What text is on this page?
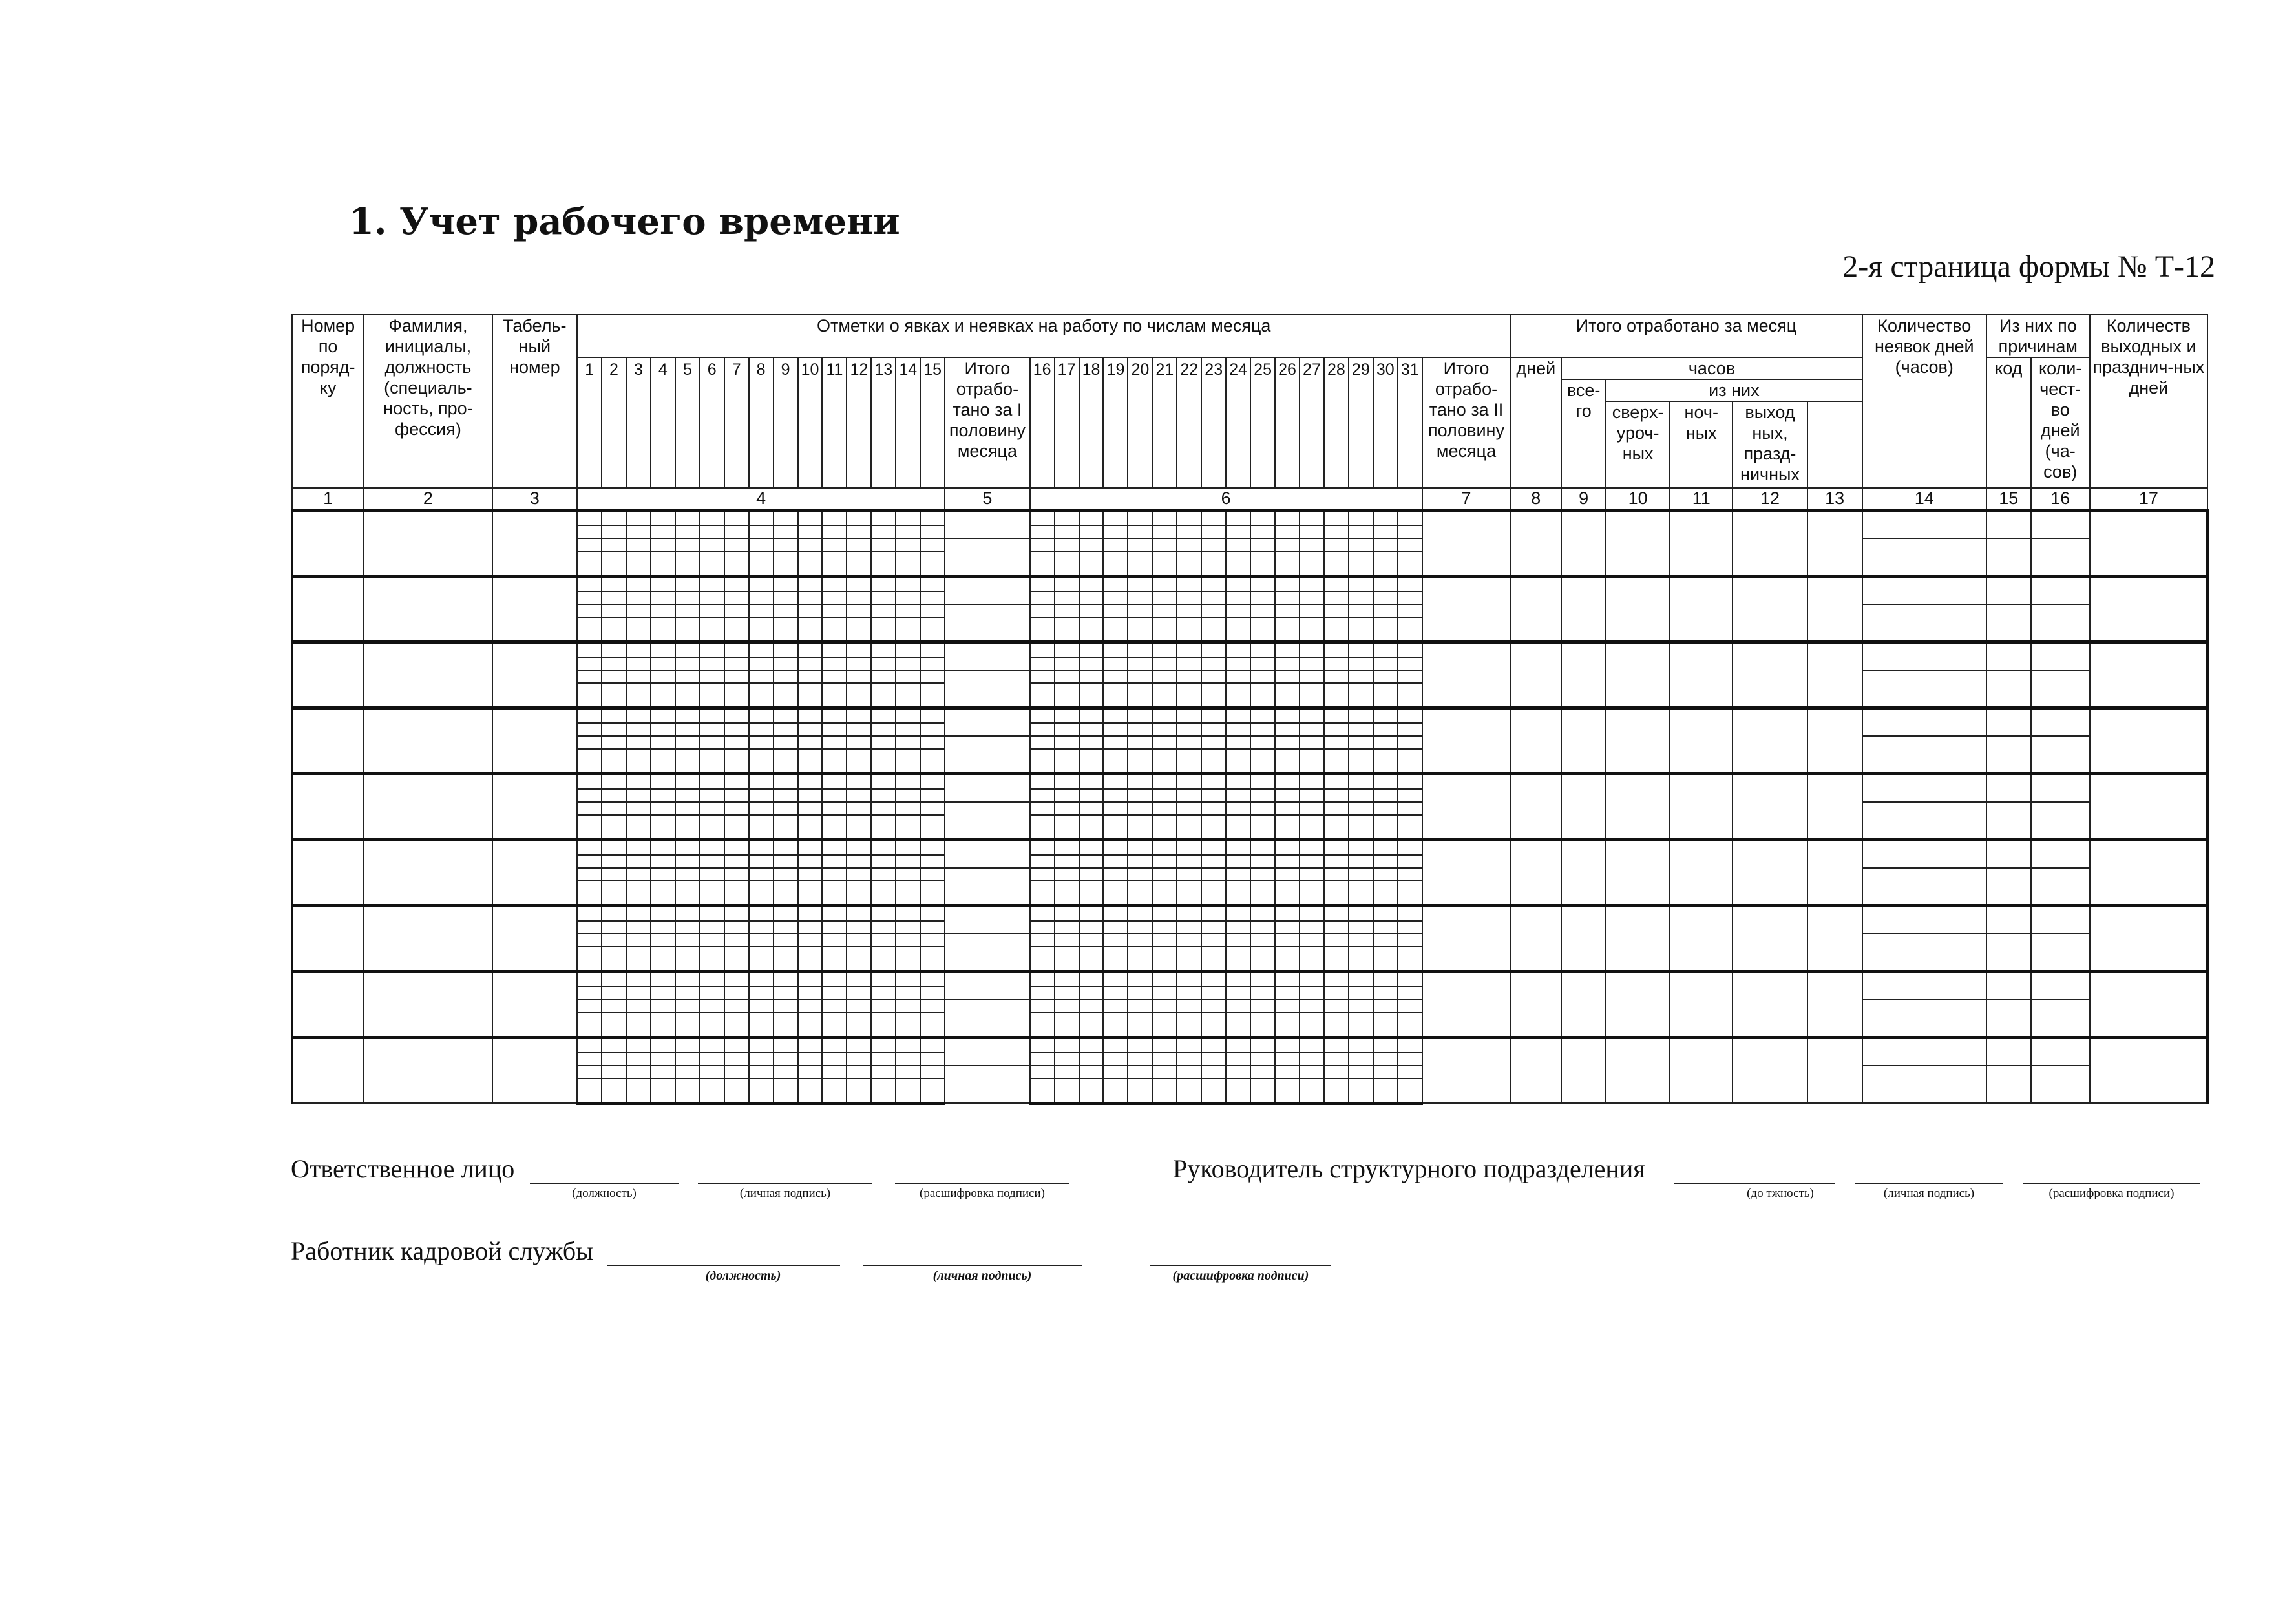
1. Учет рабочего времени
2-я страница формы № Т-12
Номер по поряд-ку	Фамилия, инициалы, должность (специаль-ность, про-фессия)	Табель-ный номер	Отметки о явках и неявках на работу по числам месяца																																	Итого отработано за месяц						Количество неявок дней (часов)	Из них по причинам		Количеств выходных и празднич-ных дней
			1	2	3	4	5	6	7	8	9	10	11	12	13	14	15	Итого отрабо-тано за I половину месяца	16	17	18	19	20	21	22	23	24	25	26	27	28	29	30	31	Итого отрабо-тано за II половину месяца	дней	часов						код	коли-чест-во дней (ча-сов)	
																																					все-го	из них							
																																						сверх-уроч-ных	ноч-ных	выход ных, празд-ничных					
1	2	3	4															5	6																7	8	9	10	11	12	13	14	15	16	17

Ответственное лицо
(должность)	(личная подпись)	(расшифровка подписи)
Руководитель структурного подразделения
(до тжность)	(личная подпись)	(расшифровка подписи)
Работник кадровой службы
(должность)	(личная подпись)	(расшифровка подписи)
